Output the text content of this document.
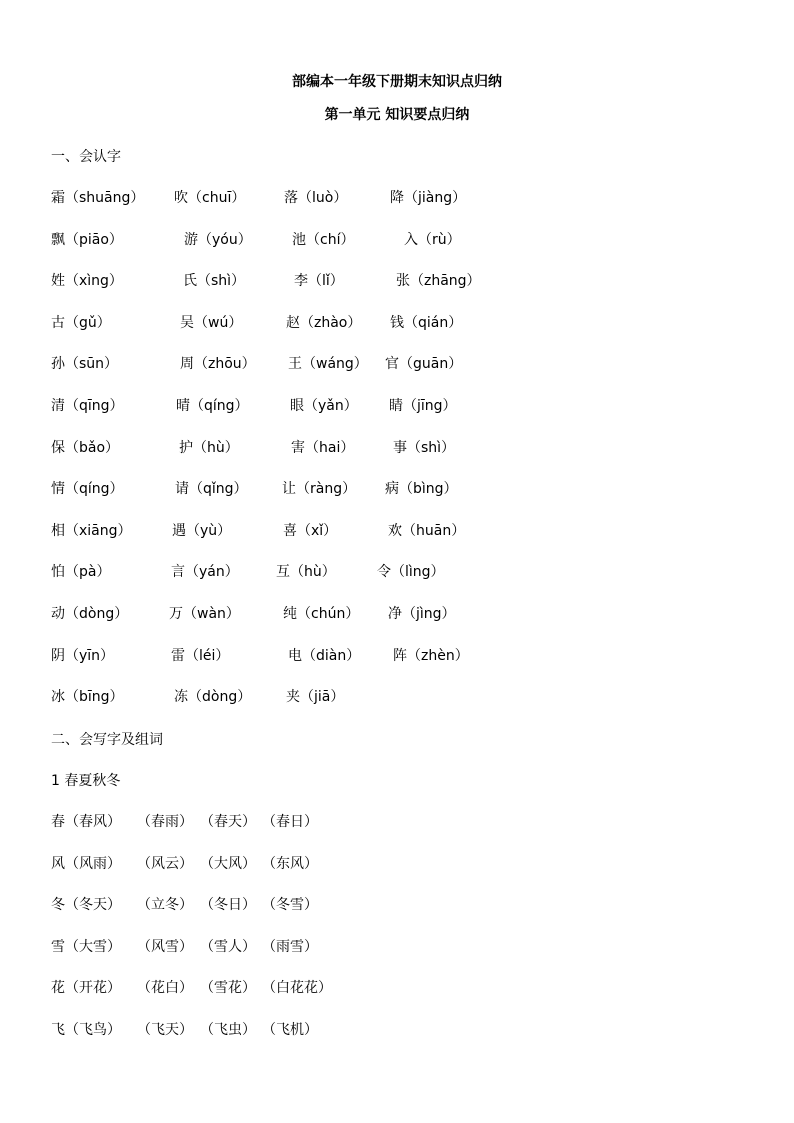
部编本一年级下册期末知识点归纳
第一单元 知识要点归纳
一、会认字
霜（shuāng） 吹（chuī）	落（luò）	降（jiàng）
飘（piāo）	游（yóu）	池（chí）	入（rù）
姓（xìng）	氏（shì）	李（lǐ）	张（zhāng）
古（gǔ）	吴（wú）	赵（zhào） 钱（qián）
孙（sūn）	周（zhōu） 王（wáng） 官（guān）
清（qīng）	晴（qíng）	眼（yǎn） 睛（jīng）
保（bǎo）	护（hù）	害（hai）	事（shì）
情（qíng）	请（qǐng） 让（ràng） 病（bìng）
相（xiāng）	遇（yù）	喜（xǐ）	欢（huān）
怕（pà）	言（yán）	互（hù）	令（lìng）
动（dòng）	万（wàn）	纯（chún） 净（jìng）
阴（yīn）	雷（léi）	电（diàn） 阵（zhèn）
冰（bīng）	冻（dòng） 夹（jiā）
二、会写字及组词
1 春夏秋冬
春（春风） （春雨） （春天） （春日）
风（风雨） （风云） （大风） （东风）
冬（冬天） （立冬） （冬日） （冬雪）
雪（大雪） （风雪） （雪人） （雨雪）
花（开花） （花白） （雪花） （白花花）
飞（飞鸟） （飞天） （飞虫） （飞机）
